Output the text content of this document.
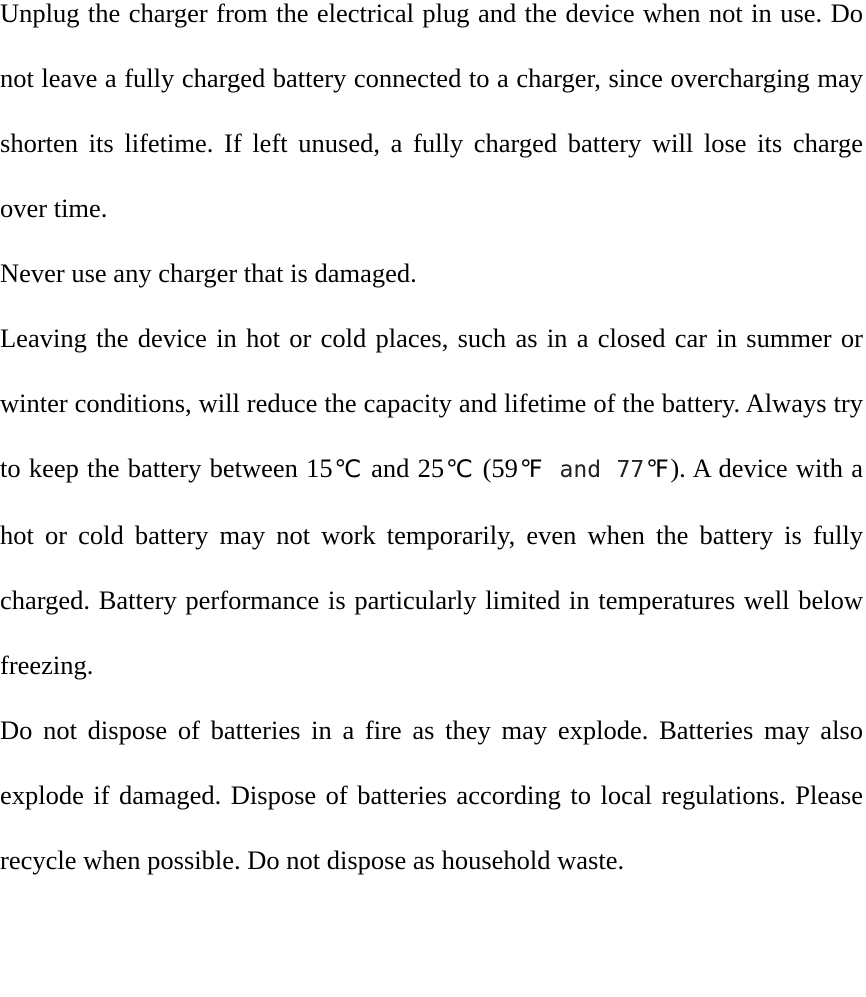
Unplug the charger from the electrical plug and the device when not in use. Do not leave a fully charged battery connected to a charger, since overcharging may shorten its lifetime. If left unused, a fully charged battery will lose its charge over time.

Never use any charger that is damaged.

Leaving the device in hot or cold places, such as in a closed car in summer or winter conditions, will reduce the capacity and lifetime of the battery. Always try to keep the battery between 15℃ and 25℃ (59℉ and 77℉). A device with a hot or cold battery may not work temporarily, even when the battery is fully charged. Battery performance is particularly limited in temperatures well below freezing.

Do not dispose of batteries in a fire as they may explode. Batteries may also explode if damaged. Dispose of batteries according to local regulations. Please recycle when possible. Do not dispose as household waste.
